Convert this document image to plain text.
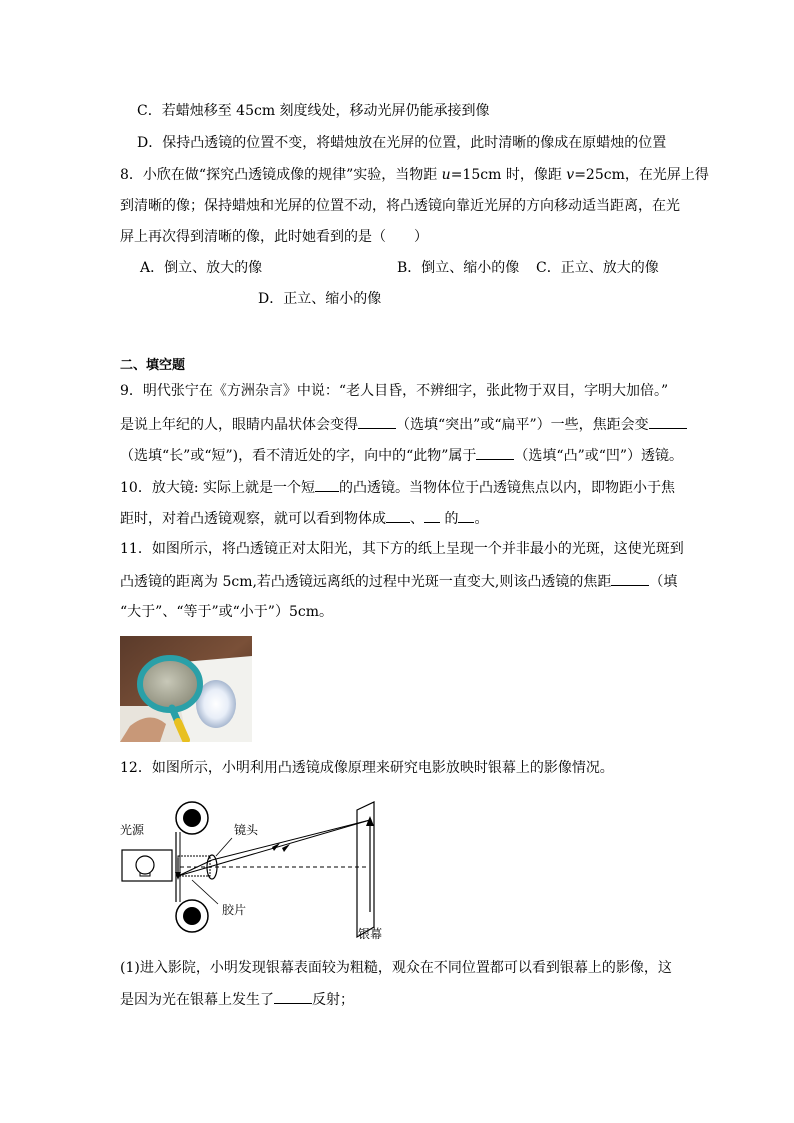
C．若蜡烛移至 45cm 刻度线处，移动光屏仍能承接到像
D．保持凸透镜的位置不变，将蜡烛放在光屏的位置，此时清晰的像成在原蜡烛的位置
8．小欣在做“探究凸透镜成像的规律”实验，当物距 u=15cm 时，像距 v=25cm，在光屏上得
到清晰的像；保持蜡烛和光屏的位置不动，将凸透镜向靠近光屏的方向移动适当距离，在光
屏上再次得到清晰的像，此时她看到的是（　　）
A．倒立、放大的像	B．倒立、缩小的像 C．正立、放大的像
D．正立、缩小的像
二、填空题
9．明代张宁在《方洲杂言》中说：“老人目昏，不辨细字，张此物于双目，字明大加倍。”
是说上年纪的人，眼睛内晶状体会变得	（选填“突出”或“扁平”）一些，焦距会变
（选填“长”或“短”)，看不清近处的字，向中的“此物”属于	（选填“凸”或“凹”）透镜。
10．放大镜: 实际上就是一个短 的凸透镜。当物体位于凸透镜焦点以内，即物距小于焦
距时，对着凸透镜观察，就可以看到物体成 、 的 。
11．如图所示，将凸透镜正对太阳光，其下方的纸上呈现一个并非最小的光斑，这使光斑到
凸透镜的距离为 5cm,若凸透镜远离纸的过程中光斑一直变大,则该凸透镜的焦距	（填
“大于”、“等于”或“小于”）5cm。
12．如图所示，小明利用凸透镜成像原理来研究电影放映时银幕上的影像情况。
光源	镜头
胶片
银幕
(1)进入影院，小明发现银幕表面较为粗糙，观众在不同位置都可以看到银幕上的影像，这
是因为光在银幕上发生了	反射；
